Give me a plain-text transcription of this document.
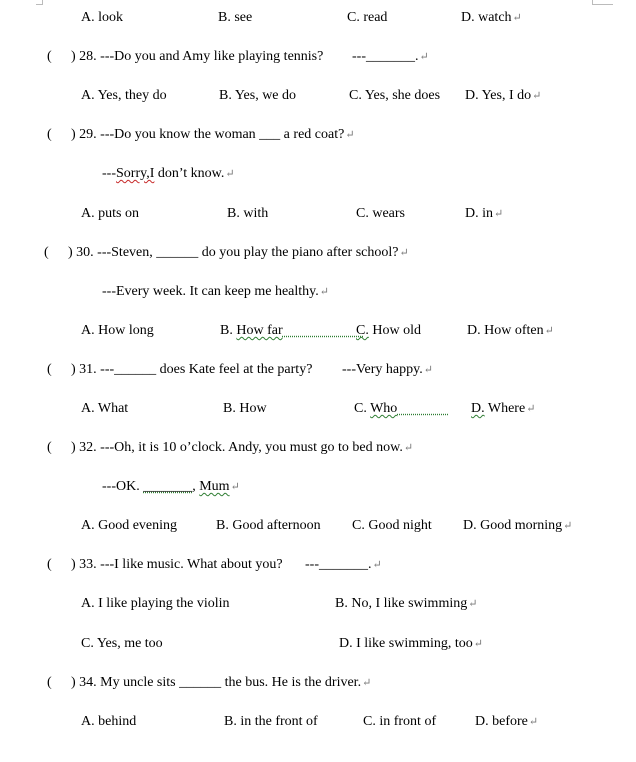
A. look	B. see	C. read	D. watch↵
( ) 28. ---Do you and Amy like playing tennis? ---_______.↵
A. Yes, they do	B. Yes, we do	C. Yes, she does D. Yes, I do↵
( ) 29. ---Do you know the woman ___ a red coat?↵
---Sorry,I don’t know.↵
A. puts on	B. with	C. wears	D. in↵
( ) 30. ---Steven, ______ do you play the piano after school?↵
---Every week. It can keep me healthy.↵
A. How long	B. How far	C. How old	D. How often↵
( ) 31. ---______ does Kate feel at the party? ---Very happy.↵
A. What	B. How	C. Who	D. Where↵
( ) 32. ---Oh, it is 10 o’clock. Andy, you must go to bed now.↵
---OK. _______, Mum↵
A. Good evening	B. Good afternoon C. Good night D. Good morning↵
( ) 33. ---I like music. What about you? ---_______.↵
A. I like playing the violin	B. No, I like swimming↵
C. Yes, me too	D. I like swimming, too↵
( ) 34. My uncle sits ______ the bus. He is the driver.↵
A. behind	B. in the front of	C. in front of	D. before↵
